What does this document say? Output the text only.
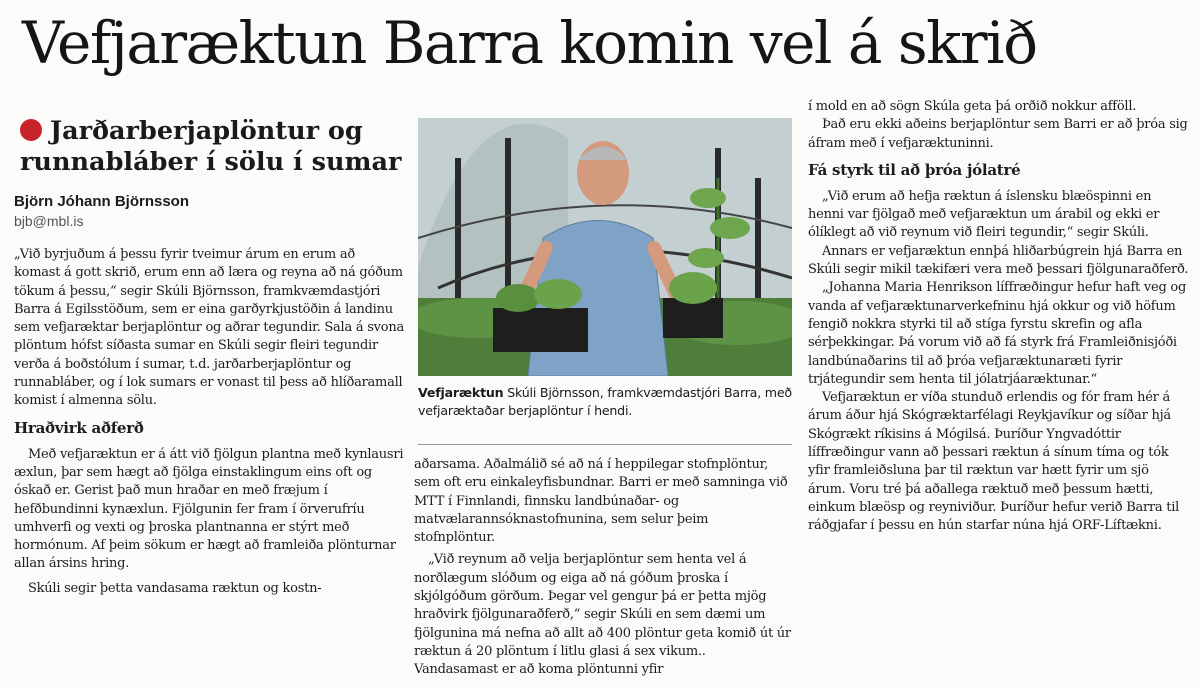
Vefjaræktun Barra komin vel á skrið
Jarðarberjaplöntur og runnabláber í sölu í sumar
Björn Jóhann Björnsson
bjb@mbl.is

„Við byrjuðum á þessu fyrir tveimur árum en erum að komast á gott skrið, erum enn að læra og reyna að ná góðum tökum á þessu,“ segir Skúli Björnsson, framkvæmdastjóri Barra á Egilsstöðum, sem er eina garðyrkjustöðin á landinu sem vefjaræktar berjaplöntur og aðrar tegundir. Sala á svona plöntum hófst síðasta sumar en Skúli segir fleiri tegundir verða á boðstólum í sumar, t.d. jarðarberjaplöntur og runnabláber, og í lok sumars er vonast til þess að hlíðaramall komist í almenna sölu.

Hraðvirk aðferð

Með vefjaræktun er á átt við fjölgun plantna með kynlausri æxlun, þar sem hægt að fjölga einstaklingum eins oft og óskað er. Gerist það mun hraðar en með fræjum í hefðbundinni kynæxlun. Fjölgunin fer fram í örverufríu umhverfi og vexti og þroska plantnanna er stýrt með hormónum. Af þeim sökum er hægt að framleiða plönturnar allan ársins hring.

Skúli segir þetta vandasama ræktun og kostn-

Vefjaræktun Skúli Björnsson, framkvæmdastjóri Barra, með vefjaræktaðar berjaplöntur í hendi.

aðarsama. Aðalmálið sé að ná í heppilegar stofnplöntur, sem oft eru einkaleyfisbundnar. Barri er með samninga við MTT í Finnlandi, finnsku landbúnaðar- og matvælarannsóknastofnunina, sem selur þeim stofnplöntur.

„Við reynum að velja berjaplöntur sem henta vel á norðlægum slóðum og eiga að ná góðum þroska í skjólgóðum görðum. Þegar vel gengur þá er þetta mjög hraðvirk fjölgunaraðferð,“ segir Skúli en sem dæmi um fjölgunina má nefna að allt að 400 plöntur geta komið út úr ræktun á 20 plöntum í litlu glasi á sex vikum.. Vandasamast er að koma plöntunni yfir

í mold en að sögn Skúla geta þá orðið nokkur afföll.

Það eru ekki aðeins berjaplöntur sem Barri er að þróa sig áfram með í vefjaræktuninni.

Fá styrk til að þróa jólatré

„Við erum að hefja ræktun á íslensku blæöspinni en henni var fjölgað með vefjaræktun um árabil og ekki er ólíklegt að við reynum við fleiri tegundir,“ segir Skúli.

Annars er vefjaræktun ennþá hliðarbúgrein hjá Barra en Skúli segir mikil tækifæri vera með þessari fjölgunaraðferð.

„Johanna Maria Henrikson líffræðingur hefur haft veg og vanda af vefjaræktunarverkefninu hjá okkur og við höfum fengið nokkra styrki til að stíga fyrstu skrefin og afla sérþekkingar. Þá vorum við að fá styrk frá Framleiðnisjóði landbúnaðarins til að þróa vefjaræktunaræti fyrir trjátegundir sem henta til jólatrjáaræktunar.“

Vefjaræktun er víða stunduð erlendis og fór fram hér á árum áður hjá Skógræktarfélagi Reykjavíkur og síðar hjá Skógrækt ríkisins á Mógilsá. Þuríður Yngvadóttir líffræðingur vann að þessari ræktun á sínum tíma og tók yfir framleiðsluna þar til ræktun var hætt fyrir um sjö árum. Voru tré þá aðallega ræktuð með þessum hætti, einkum blæösp og reyniviður. Þuríður hefur verið Barra til ráðgjafar í þessu en hún starfar núna hjá ORF-Líftækni.
